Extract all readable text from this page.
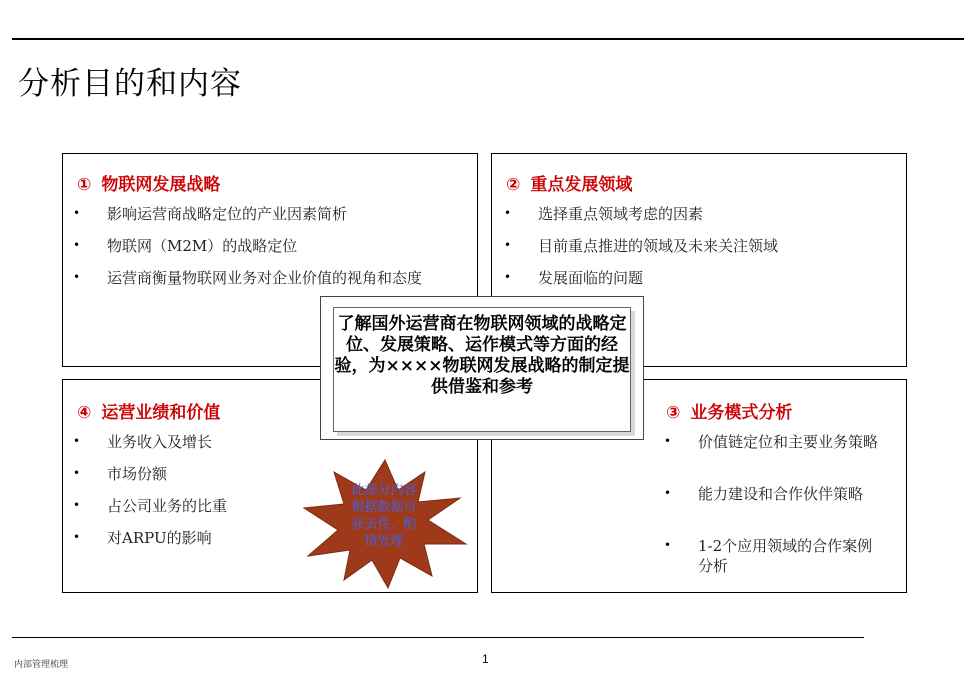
分析目的和内容
① 物联网发展战略
• 影响运营商战略定位的产业因素简析
• 物联网（M2M）的战略定位
• 运营商衡量物联网业务对企业价值的视角和态度
② 重点发展领域
• 选择重点领域考虑的因素
• 目前重点推进的领域及未来关注领域
• 发展面临的问题
④ 运营业绩和价值
• 业务收入及增长
• 市场份额
• 占公司业务的比重
• 对ARPU的影响
③ 业务模式分析
• 价值链定位和主要业务策略
• 能力建设和合作伙伴策略
• 1-2个应用领域的合作案例分析
了解国外运营商在物联网领域的战略定位、发展策略、运作模式等方面的经验，为××××物联网发展战略的制定提供借鉴和参考
此部分内容根据数据可获去性，酌情处理
内部管理梳理	1
